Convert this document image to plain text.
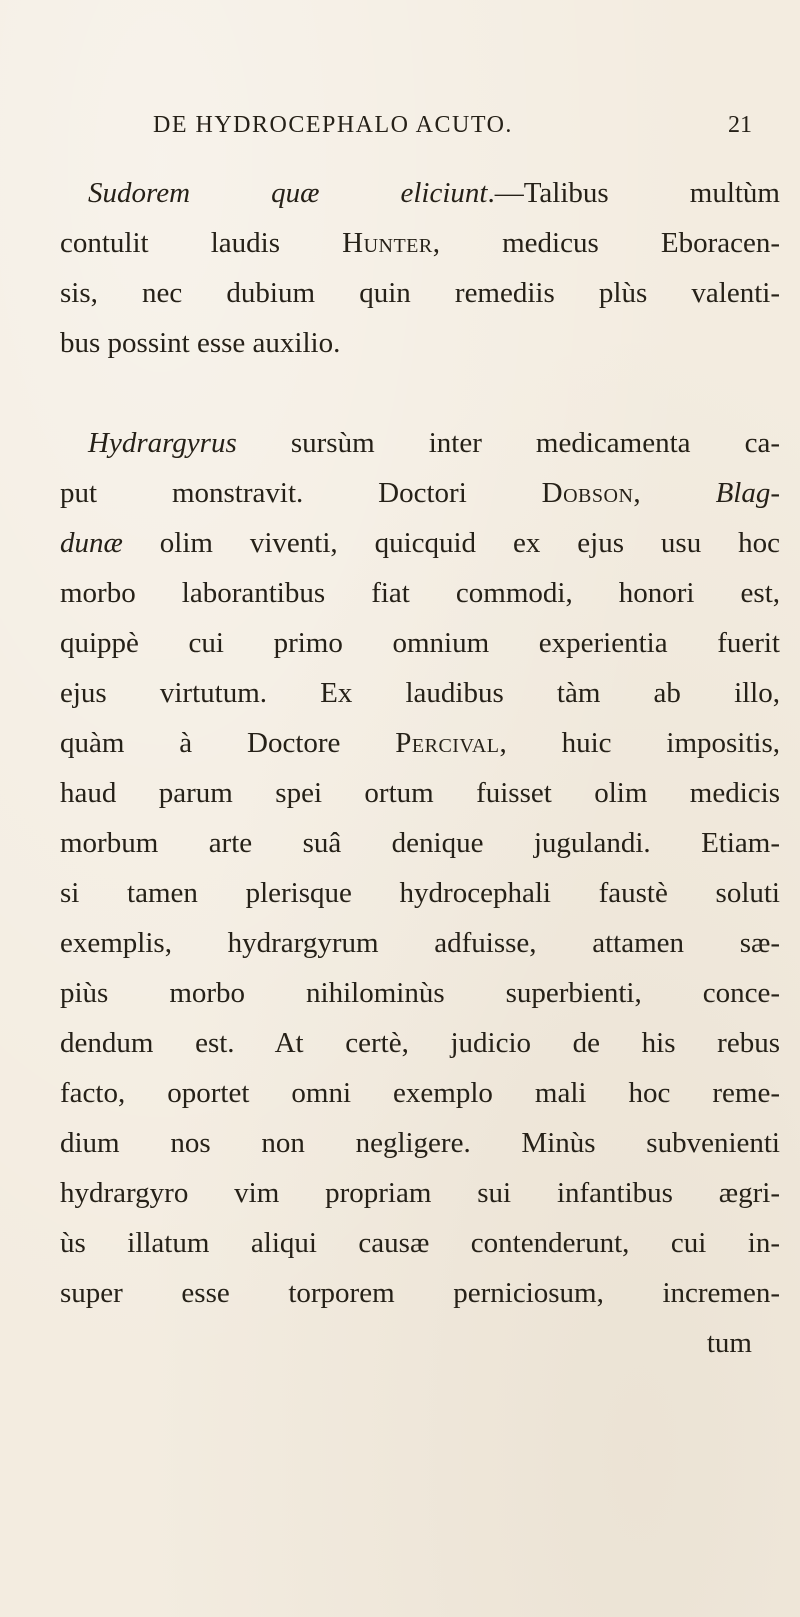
DE HYDROCEPHALO ACUTO.	21
Sudorem	quæ	eliciunt.—Talibus multùm
contulit laudis Hunter, medicus Eboracen-
sis, nec dubium quin remediis plùs valenti-
bus possint esse auxilio.
Hydrargyrus sursùm inter medicamenta ca-
put monstravit. Doctori	Dobson,	Blag-
dunæ olim viventi, quicquid ex ejus usu hoc
morbo laborantibus fiat commodi, honori est,
quippè cui primo omnium experientia fuerit
ejus virtutum. Ex laudibus tàm ab illo,
quàm à Doctore Percival, huic impositis,
haud parum spei ortum fuisset olim medicis
morbum arte suâ denique jugulandi. Etiam-
si tamen plerisque hydrocephali faustè soluti
exemplis, hydrargyrum adfuisse, attamen sæ-
piùs morbo nihilominùs superbienti, conce-
dendum est. At certè, judicio de his rebus
facto, oportet omni exemplo mali hoc reme-
dium nos non negligere. Minùs subvenienti
hydrargyro vim propriam sui infantibus ægri-
ùs illatum aliqui causæ contenderunt, cui in-
super esse torporem perniciosum, incremen-
tum
